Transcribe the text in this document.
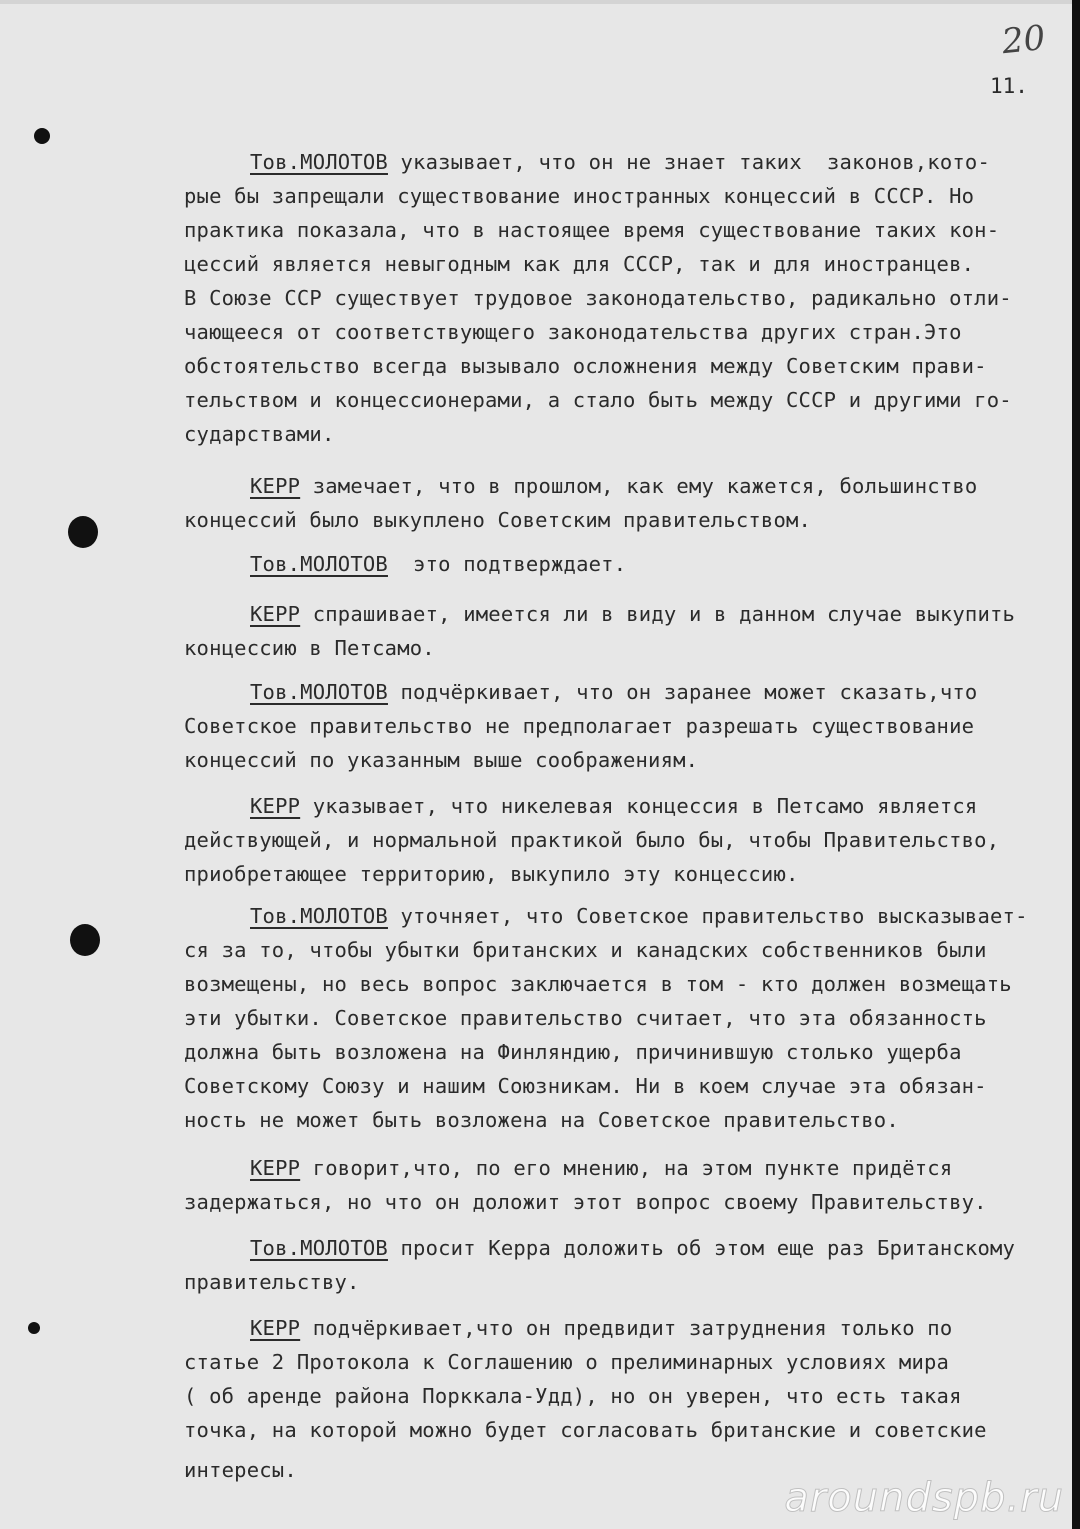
20
11.
Тов.МОЛОТОВ указывает, что он не знает таких  законов,кото-
рые бы запрещали существование иностранных концессий в СССР. Но
практика показала, что в настоящее время существование таких кон-
цессий является невыгодным как для СССР, так и для иностранцев.
В Союзе ССР существует трудовое законодательство, радикально отли-
чающееся от соответствующего законодательства других стран.Это
обстоятельство всегда вызывало осложнения между Советским прави-
тельством и концессионерами, а стало быть между СССР и другими го-
сударствами.
КЕРР замечает, что в прошлом, как ему кажется, большинство
концессий было выкуплено Советским правительством.
Тов.МОЛОТОВ  это подтверждает.
КЕРР спрашивает, имеется ли в виду и в данном случае выкупить
концессию в Петсамо.
Тов.МОЛОТОВ подчёркивает, что он заранее может сказать,что
Советское правительство не предполагает разрешать существование
концессий по указанным выше соображениям.
КЕРР указывает, что никелевая концессия в Петсамо является
действующей, и нормальной практикой было бы, чтобы Правительство,
приобретающее территорию, выкупило эту концессию.
Тов.МОЛОТОВ уточняет, что Советское правительство высказывает-
ся за то, чтобы убытки британских и канадских собственников были
возмещены, но весь вопрос заключается в том - кто должен возмещать
эти убытки. Советское правительство считает, что эта обязанность
должна быть возложена на Финляндию, причинившую столько ущерба
Советскому Союзу и нашим Союзникам. Ни в коем случае эта обязан-
ность не может быть возложена на Советское правительство.
КЕРР говорит,что, по его мнению, на этом пункте придётся
задержаться, но что он доложит этот вопрос своему Правительству.
Тов.МОЛОТОВ просит Керра доложить об этом еще раз Британскому
правительству.
КЕРР подчёркивает,что он предвидит затруднения только по
статье 2 Протокола к Соглашению о прелиминарных условиях мира
( об аренде района Порккала-Удд), но он уверен, что есть такая
точка, на которой можно будет согласовать британские и советские
интересы.
aroundspb.ru
